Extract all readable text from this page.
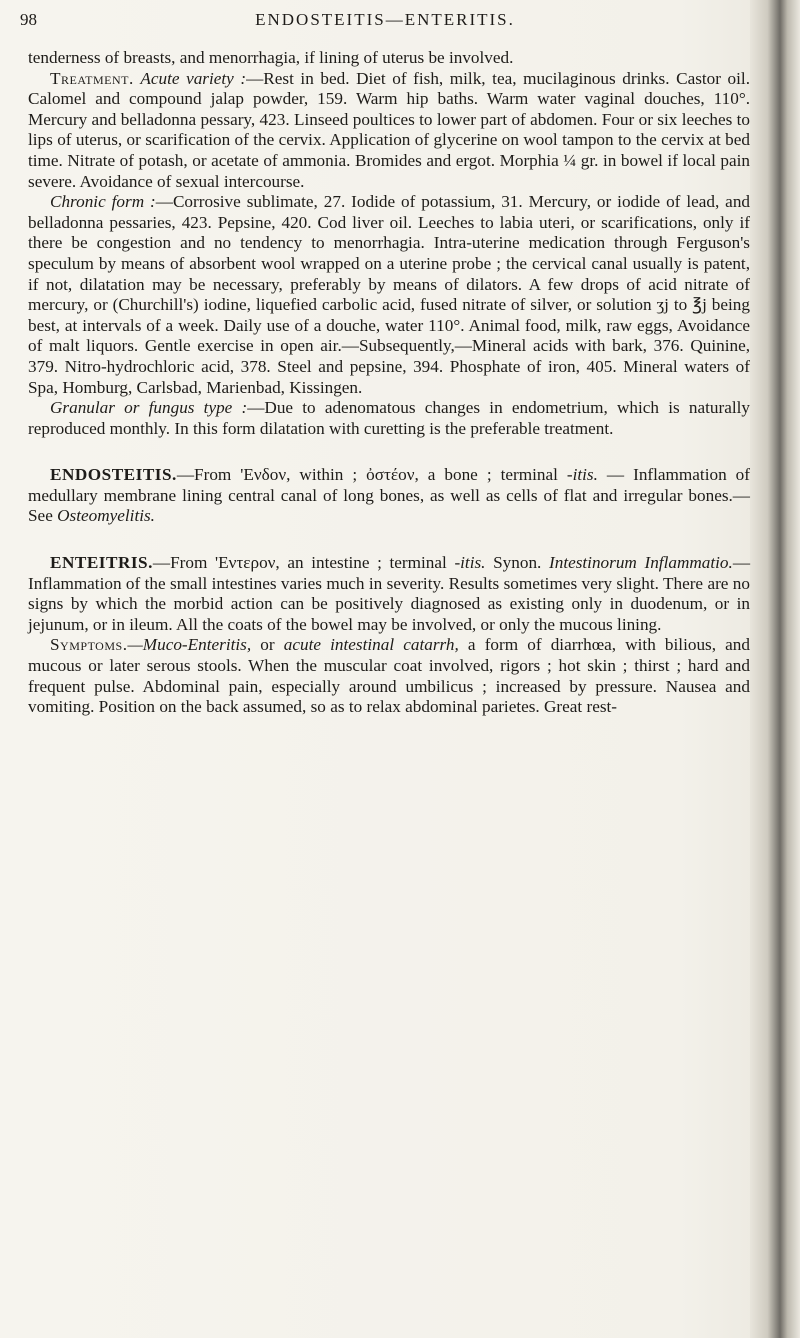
98	ENDOSTEITIS—ENTERITIS.

tenderness of breasts, and menorrhagia, if lining of uterus be involved.

Treatment. Acute variety :—Rest in bed. Diet of fish, milk, tea, mucilaginous drinks. Castor oil. Calomel and compound jalap powder, 159. Warm hip baths. Warm water vaginal douches, 110°. Mercury and belladonna pessary, 423. Linseed poultices to lower part of abdomen. Four or six leeches to lips of uterus, or scarification of the cervix. Application of glycerine on wool tampon to the cervix at bed time. Nitrate of potash, or acetate of ammonia. Bromides and ergot. Morphia ¼ gr. in bowel if local pain severe. Avoidance of sexual intercourse.

Chronic form :—Corrosive sublimate, 27. Iodide of potassium, 31. Mercury, or iodide of lead, and belladonna pessaries, 423. Pepsine, 420. Cod liver oil. Leeches to labia uteri, or scarifications, only if there be congestion and no tendency to menorrhagia. Intra-uterine medication through Ferguson's speculum by means of absorbent wool wrapped on a uterine probe ; the cervical canal usually is patent, if not, dilatation may be necessary, preferably by means of dilators. A few drops of acid nitrate of mercury, or (Churchill's) iodine, liquefied carbolic acid, fused nitrate of silver, or solution ʒj to ℥j being best, at intervals of a week. Daily use of a douche, water 110°. Animal food, milk, raw eggs, Avoidance of malt liquors. Gentle exercise in open air.—Subsequently,—Mineral acids with bark, 376. Quinine, 379. Nitro-hydrochloric acid, 378. Steel and pepsine, 394. Phosphate of iron, 405. Mineral waters of Spa, Homburg, Carlsbad, Marienbad, Kissingen.

Granular or fungus type :—Due to adenomatous changes in endometrium, which is naturally reproduced monthly. In this form dilatation with curetting is the preferable treatment.

ENDOSTEITIS.—From 'Ενδον, within ; ὀστέον, a bone ; terminal -itis. — Inflammation of medullary membrane lining central canal of long bones, as well as cells of flat and irregular bones.— See Osteomyelitis.

ENTEITRIS.—From 'Εντερον, an intestine ; terminal -itis. Synon. Intestinorum Inflammatio.—Inflammation of the small intestines varies much in severity. Results sometimes very slight. There are no signs by which the morbid action can be positively diagnosed as existing only in duodenum, or in jejunum, or in ileum. All the coats of the bowel may be involved, or only the mucous lining.

Symptoms.—Muco-Enteritis, or acute intestinal catarrh, a form of diarrhœa, with bilious, and mucous or later serous stools. When the muscular coat involved, rigors ; hot skin ; thirst ; hard and frequent pulse. Abdominal pain, especially around umbilicus ; increased by pressure. Nausea and vomiting. Position on the back assumed, so as to relax abdominal parietes. Great rest-
